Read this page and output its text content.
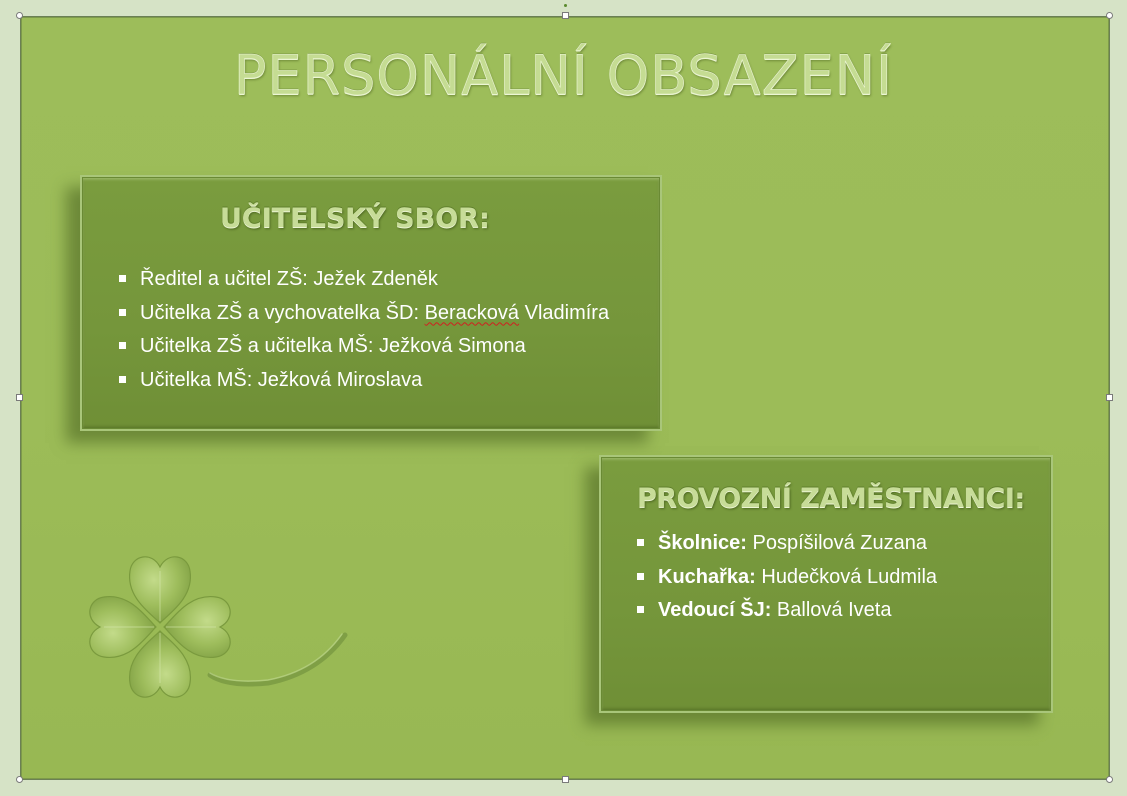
PERSONÁLNÍ OBSAZENÍ
UČITELSKÝ SBOR:
Ředitel a učitel ZŠ: Ježek Zdeněk
Učitelka ZŠ a vychovatelka ŠD: Beracková Vladimíra
Učitelka ZŠ a učitelka MŠ: Ježková Simona
Učitelka MŠ: Ježková Miroslava
PROVOZNÍ ZAMĚSTNANCI:
Školnice: Pospíšilová Zuzana
Kuchařka: Hudečková Ludmila
Vedoucí ŠJ: Ballová Iveta
